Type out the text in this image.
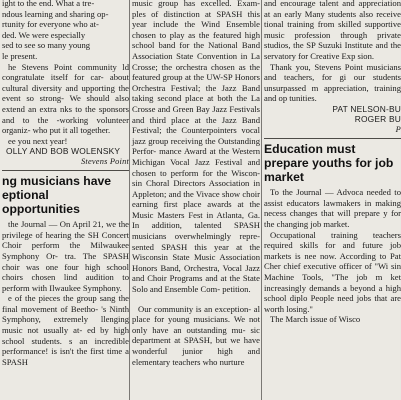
ight to the end. What a tre-
ndous learning and sharing op-
rtunity for everyone who at-
ded. We were especially
sed to see so many young
le present.

he Stevens Point community ld congratulate itself for car- about cultural diversity and upporting the event so strong- We should also extend an extra nks to the sponsors and to the -working volunteer organiz- who put it all together.

ee you next year!

OLLY AND BOB WOLENSKY

Stevens Point

ng musicians have eptional opportunities

the Journal — On April 21, we the privilege of hearing the SH Concert Choir perform the Milwaukee Symphony Or- tra. The SPASH choir was one four high school choirs chosen lind audition to perform with Ilwaukee Symphony.

e of the pieces the group sang the final movement of Beetho- 's Ninth Symphony, extremely llenging music not usually at- ed by high school students. s an incredible performance! is isn't the first time a SPASH

music group has excelled. Exam- ples of distinction at SPASH this year include the Wind Ensemble chosen to play as the featured high school band for the National Band Association State Convention in La Crosse; the orchestra chosen as the featured group at the UW-SP Honors Orchestra Festival; the Jazz Band taking second place at both the La Crosse and Green Bay Jazz Festivals and third place at the Jazz Band Festival; the Counterpointers vocal jazz group receiving the Outstanding Perfor- mance Award at the Western Michigan Vocal Jazz Festival and chosen to perform for the Wiscon- sin Choral Directors Association in Appleton; and the Vivace show choir earning first place awards at the Music Masters Fest in Atlanta, Ga. In addition, talented SPASH musicians overwhelmingly repre- sented SPASH this year at the Wisconsin State Music Association Honors Band, Orchestra, Vocal Jazz and Choir Programs and at the State Solo and Ensemble Com- petition.

Our community is an exception- al place for young musicians. We not only have an outstanding mu- sic department at SPASH, but we have wonderful junior high and elementary teachers who nurture

and encourage talent and appreciation at an early Many students also receive tional training from skilled supportive music profession through private studios, the SP Suzuki Institute and the servatory for Creative Exp sion.

Thank you, Stevens Point musicians and teachers, for gi our students unsurpassed m appreciation, training and op tunities.

PAT NELSON-BU

ROGER BU

P

Education must prepare youths for job market

To the Journal — Advoca needed to assist educators lawmakers in making necess changes that will prepare y for the changing job market.

Occupational training teachers required skills for and future job markets is nee now. According to Pat Cher chief executive officer of "Wi sin Machine Tools, "The job m ket increasingly demands a beyond a high school diplo People need jobs that are worth losing."

The March issue of Wisco
